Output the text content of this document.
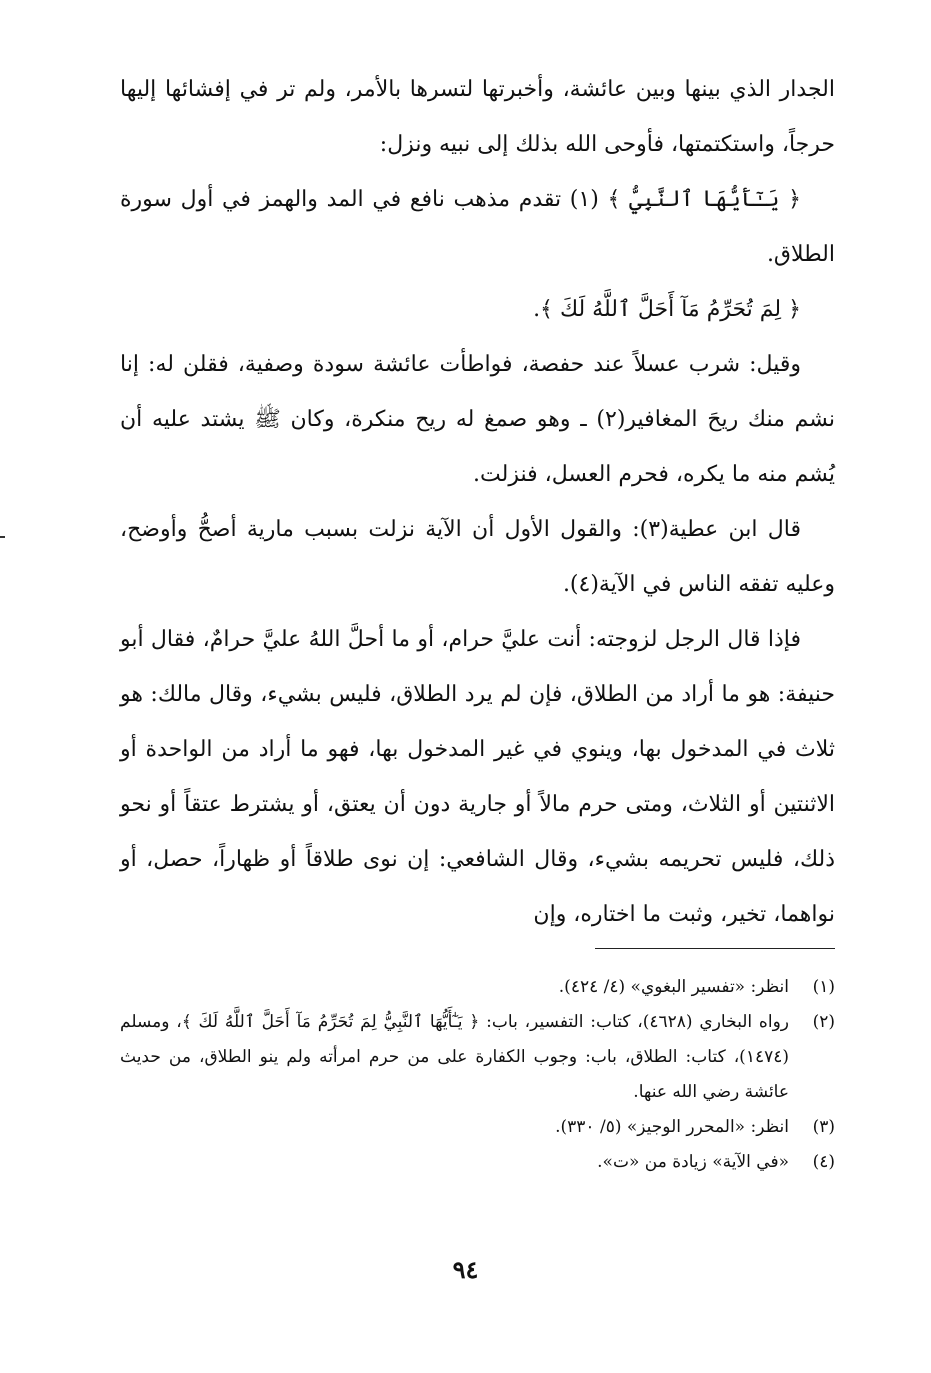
الجدار الذي بينها وبين عائشة، وأخبرتها لتسرها بالأمر، ولم تر في إفشائها إليها حرجاً، واستكتمتها، فأوحى الله بذلك إلى نبيه ونزل:

﴿ يَـٰٓأَيُّهَا ٱلنَّبِيُّ ﴾ (١) تقدم مذهب نافع في المد والهمز في أول سورة الطلاق.

﴿ لِمَ تُحَرِّمُ مَآ أَحَلَّ ٱللَّهُ لَكَ ﴾.

وقيل: شرب عسلاً عند حفصة، فواطأت عائشة سودة وصفية، فقلن له: إنا نشم منك ريحَ المغافير(٢) ـ وهو صمغ له ريح منكرة، وكان ﷺ يشتد عليه أن يُشم منه ما يكره، فحرم العسل، فنزلت.

قال ابن عطية(٣): والقول الأول أن الآية نزلت بسبب مارية أصحُّ وأوضح، وعليه تفقه الناس في الآية(٤).

فإذا قال الرجل لزوجته: أنت عليَّ حرام، أو ما أحلَّ اللهُ عليَّ حرامٌ، فقال أبو حنيفة: هو ما أراد من الطلاق، فإن لم يرد الطلاق، فليس بشيء، وقال مالك: هو ثلاث في المدخول بها، وينوي في غير المدخول بها، فهو ما أراد من الواحدة أو الاثنتين أو الثلاث، ومتى حرم مالاً أو جارية دون أن يعتق، أو يشترط عتقاً أو نحو ذلك، فليس تحريمه بشيء، وقال الشافعي: إن نوى طلاقاً أو ظهاراً، حصل، أو نواهما، تخير، وثبت ما اختاره، وإن

(١)
انظر: «تفسير البغوي» (٤/ ٤٢٤).
(٢)
رواه البخاري (٤٦٢٨)، كتاب: التفسير، باب: ﴿ يَـٰٓأَيُّهَا ٱلنَّبِيُّ لِمَ تُحَرِّمُ مَآ أَحَلَّ ٱللَّهُ لَكَ ﴾، ومسلم (١٤٧٤)، كتاب: الطلاق، باب: وجوب الكفارة على من حرم امرأته ولم ينو الطلاق، من حديث عائشة رضي الله عنها.
(٣)
انظر: «المحرر الوجيز» (٥/ ٣٣٠).
(٤)
«في الآية» زيادة من «ت».
٩٤
